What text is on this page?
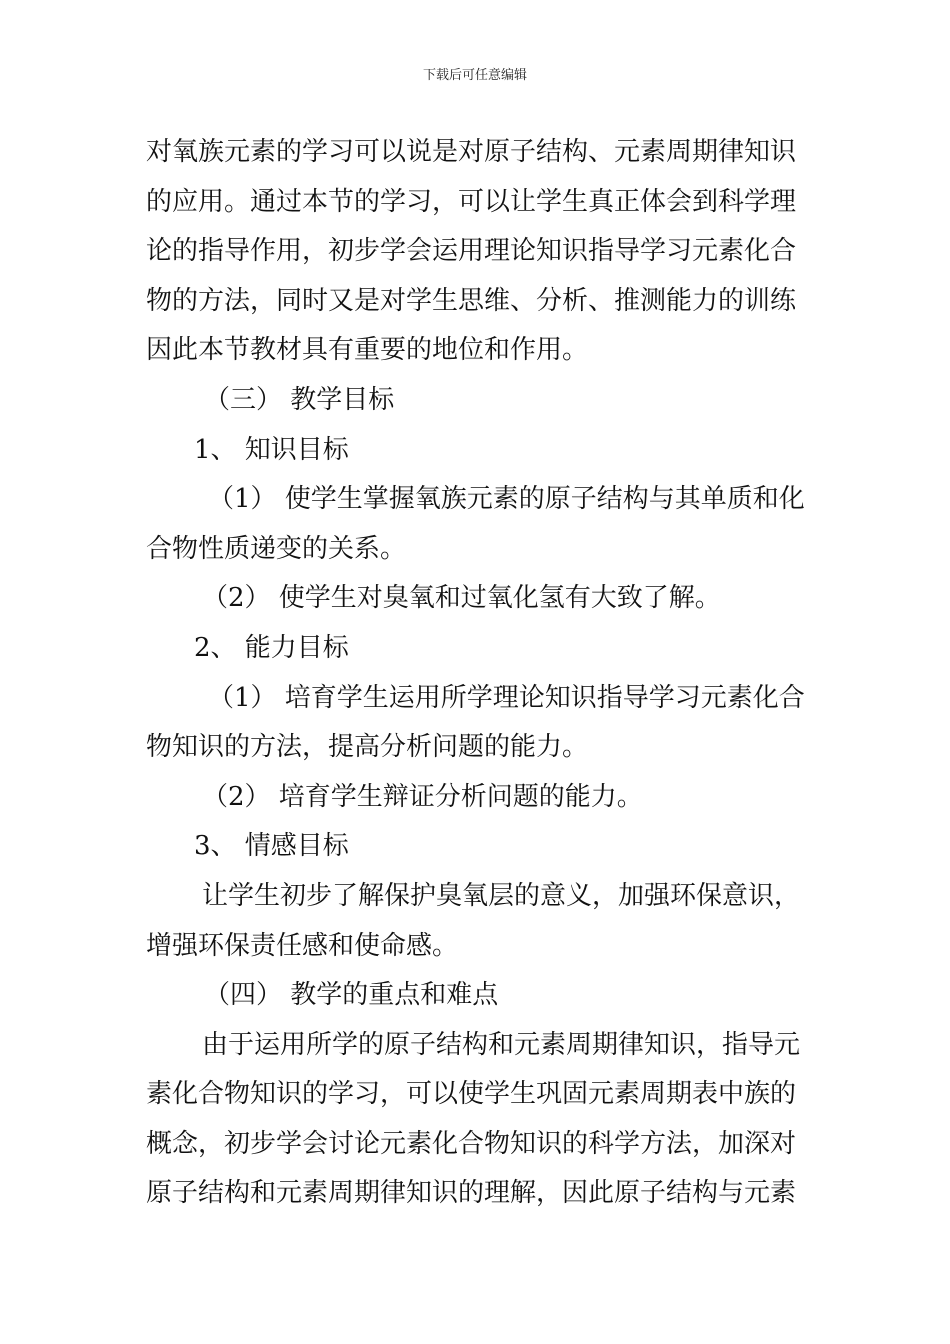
下载后可任意编辑
对氧族元素的学习可以说是对原子结构、元素周期律知识
的应用。通过本节的学习，可以让学生真正体会到科学理
论的指导作用，初步学会运用理论知识指导学习元素化合
物的方法，同时又是对学生思维、分析、推测能力的训练
因此本节教材具有重要的地位和作用。
（三） 教学目标
1、 知识目标
（1） 使学生掌握氧族元素的原子结构与其单质和化
合物性质递变的关系。
（2） 使学生对臭氧和过氧化氢有大致了解。
2、 能力目标
（1） 培育学生运用所学理论知识指导学习元素化合
物知识的方法，提高分析问题的能力。
（2） 培育学生辩证分析问题的能力。
3、 情感目标
让学生初步了解保护臭氧层的意义，加强环保意识，
增强环保责任感和使命感。
（四） 教学的重点和难点
由于运用所学的原子结构和元素周期律知识，指导元
素化合物知识的学习，可以使学生巩固元素周期表中族的
概念，初步学会讨论元素化合物知识的科学方法，加深对
原子结构和元素周期律知识的理解，因此原子结构与元素
